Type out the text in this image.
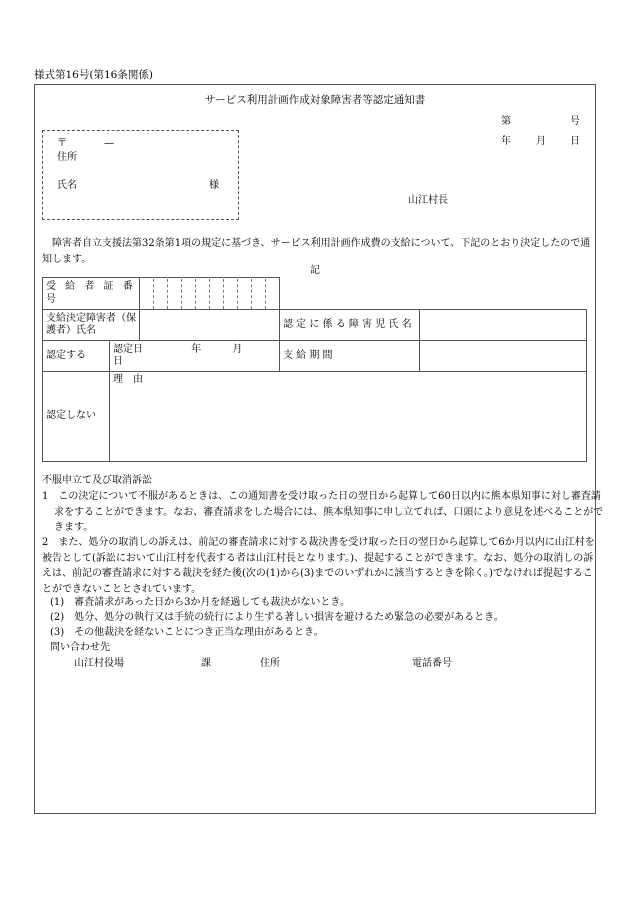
様式第16号(第16条関係)
サービス利用計画作成対象障害者等認定通知書
第	号
年	月 日
〒	—
住所
氏名	様
山江村長
障害者自立支援法第32条第1項の規定に基づき、サービス利用計画作成費の支給について、下記のとおり決定したので通知します。
記
受 給 者 証 番 号			

支給決定障害者（保護者）氏名			認 定 に 係 る 障 害 児 氏 名	
認定する	認定日 年 月 日		支 給 期 間	
認定しない	理　由			
不服申立て及び取消訴訟
1　この決定について不服があるときは、この通知書を受け取った日の翌日から起算して60日以内に熊本県知事に対し審査請求をすることができます。なお、審査請求をした場合には、熊本県知事に申し立てれば、口頭により意見を述べることができます。
2　また、処分の取消しの訴えは、前記の審査請求に対する裁決書を受け取った日の翌日から起算して6か月以内に山江村を被告として(訴訟において山江村を代表する者は山江村長となります。)、提起することができます。なお、処分の取消しの訴えは、前記の審査請求に対する裁決を経た後(次の(1)から(3)までのいずれかに該当するときを除く。)でなければ提起することができないこととされています。
(1)　審査請求があった日から3か月を経過しても裁決がないとき。
(2)　処分、処分の執行又は手続の続行により生ずる著しい損害を避けるため緊急の必要があるとき。
(3)　その他裁決を経ないことにつき正当な理由があるとき。
問い合わせ先
山江村役場	課	住所	電話番号
